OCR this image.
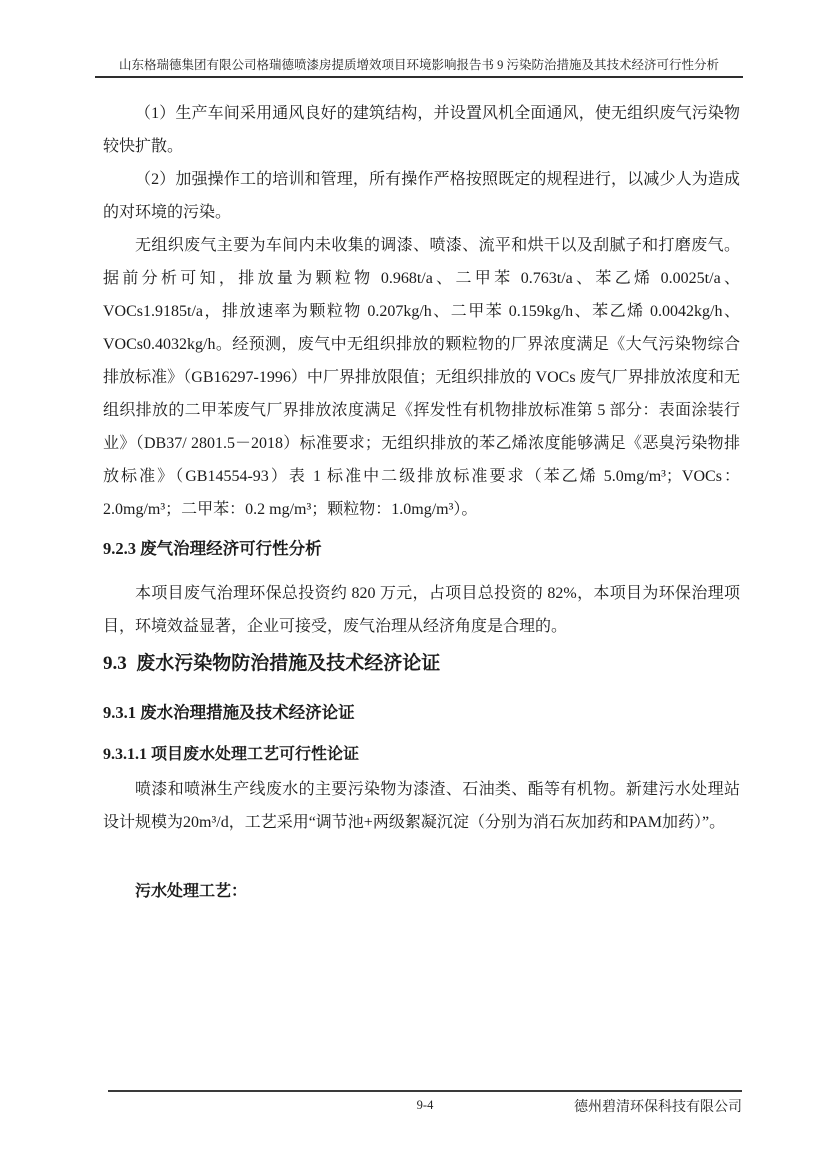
山东格瑞德集团有限公司格瑞德喷漆房提质增效项目环境影响报告书 9 污染防治措施及其技术经济可行性分析

（1）生产车间采用通风良好的建筑结构，并设置风机全面通风，使无组织废气污染物较快扩散。

（2）加强操作工的培训和管理，所有操作严格按照既定的规程进行，以减少人为造成的对环境的污染。

无组织废气主要为车间内未收集的调漆、喷漆、流平和烘干以及刮腻子和打磨废气。据前分析可知，排放量为颗粒物 0.968t/a、二甲苯 0.763t/a、苯乙烯 0.0025t/a、VOCs1.9185t/a，排放速率为颗粒物 0.207kg/h、二甲苯 0.159kg/h、苯乙烯 0.0042kg/h、VOCs0.4032kg/h。经预测，废气中无组织排放的颗粒物的厂界浓度满足《大气污染物综合排放标准》（GB16297-1996）中厂界排放限值；无组织排放的 VOCs 废气厂界排放浓度和无组织排放的二甲苯废气厂界排放浓度满足《挥发性有机物排放标准第 5 部分：表面涂装行业》（DB37/ 2801.5－2018）标准要求；无组织排放的苯乙烯浓度能够满足《恶臭污染物排放标准》（GB14554-93）表 1 标准中二级排放标准要求（苯乙烯 5.0mg/m³；VOCs：2.0mg/m³；二甲苯：0.2 mg/m³；颗粒物：1.0mg/m³）。

9.2.3 废气治理经济可行性分析

本项目废气治理环保总投资约 820 万元，占项目总投资的 82%，本项目为环保治理项目，环境效益显著，企业可接受，废气治理从经济角度是合理的。

9.3  废水污染物防治措施及技术经济论证
9.3.1 废水治理措施及技术经济论证
9.3.1.1 项目废水处理工艺可行性论证

喷漆和喷淋生产线废水的主要污染物为漆渣、石油类、酯等有机物。新建污水处理站设计规模为20m³/d，工艺采用“调节池+两级絮凝沉淀（分别为消石灰加药和PAM加药）”。

污水处理工艺：

9-4	德州碧清环保科技有限公司
